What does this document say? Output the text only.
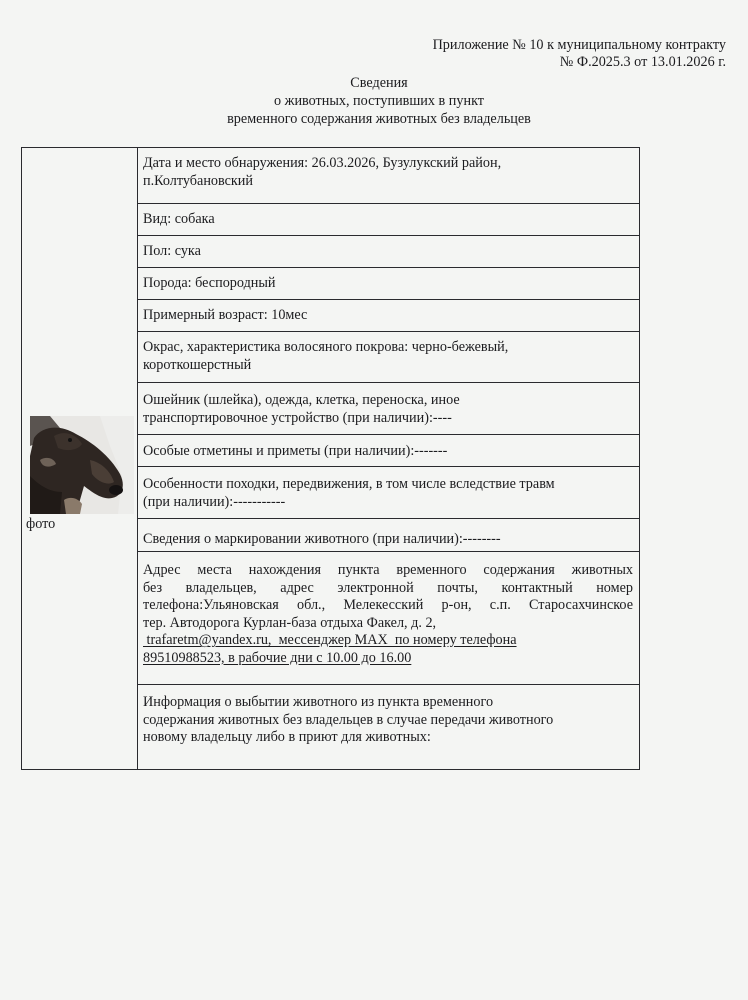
Приложение № 10 к муниципальному контракту
№ Ф.2025.3 от 13.01.2026 г.
Сведения
о животных, поступивших в пункт
временного содержания животных без владельцев
фото

Дата и место обнаружения: 26.03.2026, Бузулукский район,
п.Колтубановский

Вид: собака
Пол: сука
Порода: беспородный
Примерный возраст: 10мес

Окрас, характеристика волосяного покрова: черно-бежевый,
короткошерстный

Ошейник (шлейка), одежда, клетка, переноска, иное
транспортировочное устройство (при наличии):----

Особые отметины и приметы (при наличии):-------

Особенности походки, передвижения, в том числе вследствие травм
(при наличии):-----------

Сведения о маркировании животного (при наличии):--------

Адрес места нахождения пункта временного содержания животных
без владельцев, адрес электронной почты, контактный номер
телефона:Ульяновская обл., Мелекесский р-он, с.п. Старосахчинское
тер. Автодорога Курлан-база отдыха Факел, д. 2,
trafaretm@yandex.ru,  мессенджер MAX  по номеру телефона
89510988523, в рабочие дни с 10.00 до 16.00

Информация о выбытии животного из пункта временного
содержания животных без владельцев в случае передачи животного
новому владельцу либо в приют для животных:
